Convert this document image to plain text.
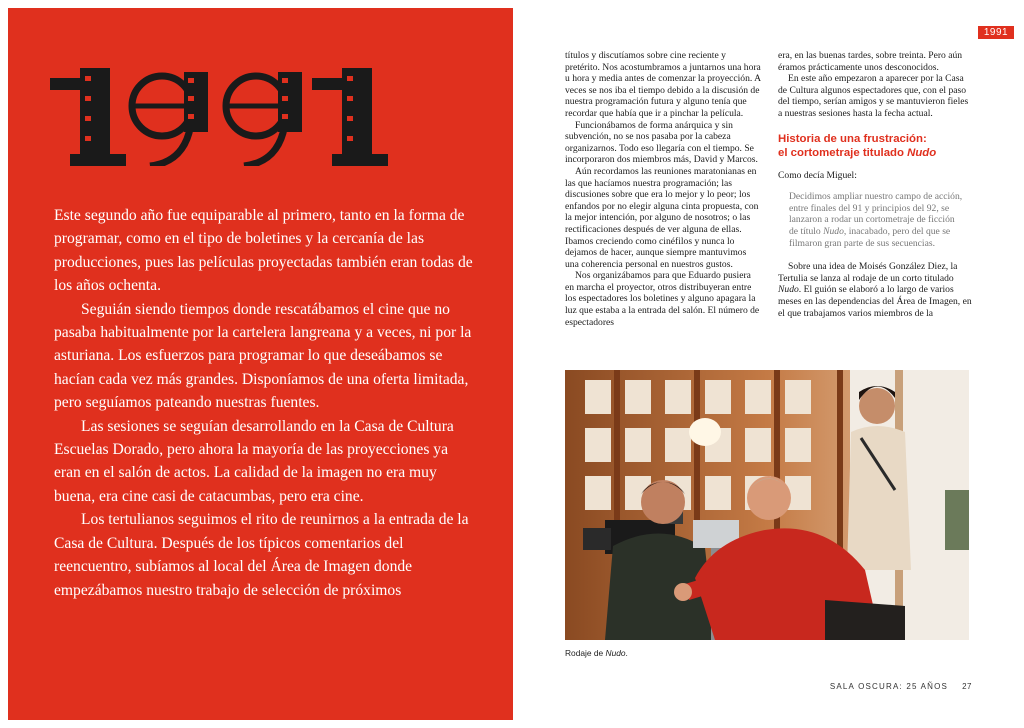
Este segundo año fue equiparable al primero, tanto en la forma de programar, como en el tipo de boletines y la cercanía de las producciones, pues las películas proyectadas también eran todas de los años ochenta.

Seguián siendo tiempos donde rescatábamos el cine que no pasaba habitualmente por la cartelera langreana y a veces, ni por la asturiana. Los esfuerzos para programar lo que deseábamos se hacían cada vez más grandes. Disponíamos de una oferta limitada, pero seguíamos pateando nuestras fuentes.

Las sesiones se seguían desarrollando en la Casa de Cultura Escuelas Dorado, pero ahora la mayoría de las proyecciones ya eran en el salón de actos. La calidad de la imagen no era muy buena, era cine casi de catacumbas, pero era cine.

Los tertulianos seguimos el rito de reunirnos a la entrada de la Casa de Cultura. Después de los típicos comentarios del reencuentro, subíamos al local del Área de Imagen donde empezábamos nuestro trabajo de selección de próximos

1991

títulos y discutíamos sobre cine reciente y pretérito. Nos acostumbramos a juntarnos una hora u hora y media antes de comenzar la proyección. A veces se nos iba el tiempo debido a la discusión de nuestra programación futura y alguno tenía que recordar que había que ir a pinchar la película.

Funcionábamos de forma anárquica y sin subvención, no se nos pasaba por la cabeza organizarnos. Todo eso llegaría con el tiempo. Se incorporaron dos miembros más, David y Marcos.

Aún recordamos las reuniones maratonianas en las que hacíamos nuestra programación; las discusiones sobre que era lo mejor y lo peor; los enfandos por no elegir alguna cinta propuesta, con la mejor intención, por alguno de nosotros; o las rectificaciones después de ver alguna de ellas. Ibamos creciendo como cinéfilos y nunca lo dejamos de hacer, aunque siempre mantuvimos una coherencia personal en nuestros gustos.

Nos organizábamos para que Eduardo pusiera en marcha el proyector, otros distribuyeran entre los espectadores los boletines y alguno apagara la luz que estaba a la entrada del salón. El número de espectadores

era, en las buenas tardes, sobre treinta. Pero aún éramos prácticamente unos desconocidos.

En este año empezaron a aparecer por la Casa de Cultura algunos espectadores que, con el paso del tiempo, serían amigos y se mantuvieron fieles a nuestras sesiones hasta la fecha actual.

Historia de una frustración:
el cortometraje titulado Nudo

Como decía Miguel:

Decidimos ampliar nuestro campo de acción, entre finales del 91 y principios del 92, se lanzaron a rodar un cortometraje de ficción de título Nudo, inacabado, pero del que se filmaron gran parte de sus secuencias.

Sobre una idea de Moisés González Diez, la Tertulia se lanza al rodaje de un corto titulado Nudo. El guión se elaboró a lo largo de varios meses en las dependencias del Área de Imagen, en el que trabajamos varios miembros de la

Rodaje de Nudo.
SALA OSCURA: 25 AÑOS 27
